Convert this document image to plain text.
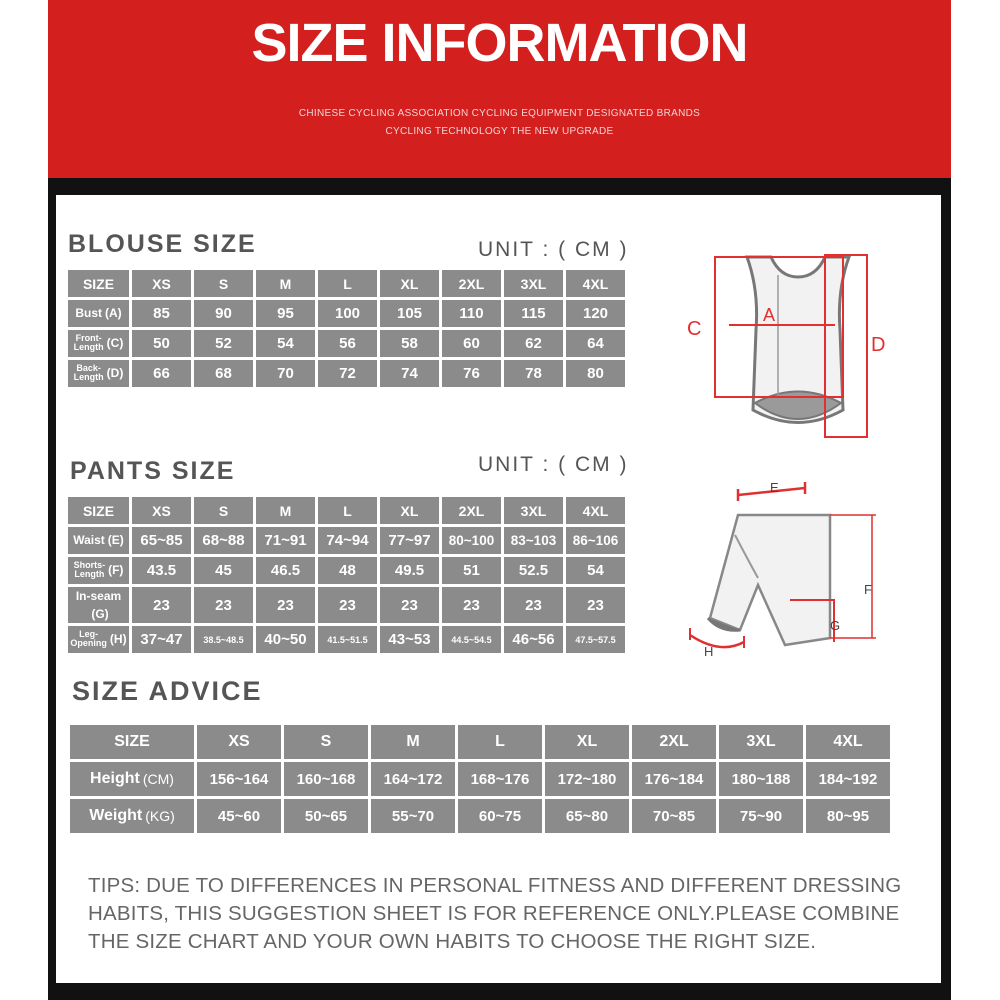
SIZE INFORMATION
CHINESE CYCLING ASSOCIATION CYCLING EQUIPMENT DESIGNATED BRANDS
CYCLING TECHNOLOGY THE NEW UPGRADE
BLOUSE SIZE	UNIT : ( CM )
SIZE	XS	S	M	L	XL	2XL	3XL	4XL
Bust(A)	85	90	95	100	105	110	115	120
Front-
Length(C)	50	52	54	56	58	60	62	64
Back-
Length(D)	66	68	70	72	74	76	78	80
A
C
D
PANTS SIZE	UNIT : ( CM )
SIZE	XS	S	M	L	XL	2XL	3XL	4XL
Waist(E)	65~85	68~88	71~91	74~94	77~97	80~100	83~103	86~106
Shorts-
Length(F)	43.5	45	46.5	48	49.5	51	52.5	54
In-seam(G)	23	23	23	23	23	23	23	23
Leg-
Opening(H)	37~47	38.5~48.5	40~50	41.5~51.5	43~53	44.5~54.5	46~56	47.5~57.5
E
F
G
H
SIZE ADVICE
SIZE	XS	S	M	L	XL	2XL	3XL	4XL
Height(CM)	156~164	160~168	164~172	168~176	172~180	176~184	180~188	184~192
Weight(KG)	45~60	50~65	55~70	60~75	65~80	70~85	75~90	80~95
TIPS: DUE TO DIFFERENCES IN PERSONAL FITNESS AND DIFFERENT DRESSING HABITS, THIS SUGGESTION SHEET IS FOR REFERENCE ONLY.PLEASE COMBINE THE SIZE CHART AND YOUR OWN HABITS TO CHOOSE THE RIGHT SIZE.
